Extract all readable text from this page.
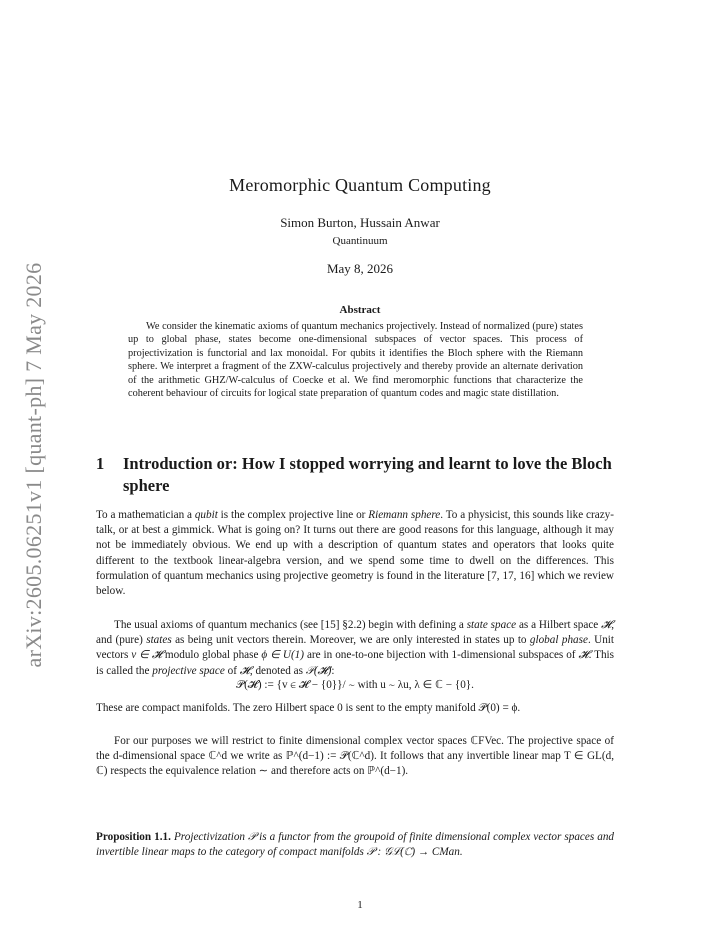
arXiv:2605.06251v1 [quant-ph] 7 May 2026
Meromorphic Quantum Computing
Simon Burton, Hussain Anwar
Quantinuum
May 8, 2026
Abstract
We consider the kinematic axioms of quantum mechanics projectively. Instead of normalized (pure) states up to global phase, states become one-dimensional subspaces of vector spaces. This process of projectivization is functorial and lax monoidal. For qubits it identifies the Bloch sphere with the Riemann sphere. We interpret a fragment of the ZXW-calculus projectively and thereby provide an alternate derivation of the arithmetic GHZ/W-calculus of Coecke et al. We find meromorphic functions that characterize the coherent behaviour of circuits for logical state preparation of quantum codes and magic state distillation.
1 Introduction or: How I stopped worrying and learnt to love the Bloch sphere
To a mathematician a qubit is the complex projective line or Riemann sphere. To a physicist, this sounds like crazy-talk, or at best a gimmick. What is going on? It turns out there are good reasons for this language, although it may not be immediately obvious. We end up with a description of quantum states and operators that looks quite different to the textbook linear-algebra version, and we spend some time to dwell on the differences. This formulation of quantum mechanics using projective geometry is found in the literature [7, 17, 16] which we review below.
The usual axioms of quantum mechanics (see [15] §2.2) begin with defining a state space as a Hilbert space 𝓗, and (pure) states as being unit vectors therein. Moreover, we are only interested in states up to global phase. Unit vectors v ∈ 𝓗 modulo global phase ϕ ∈ U(1) are in one-to-one bijection with 1-dimensional subspaces of 𝓗. This is called the projective space of 𝓗, denoted as 𝒫(𝓗):
𝒫(𝓗) := {v ∈ 𝓗 − {0}}/ ∼ with u ∼ λu, λ ∈ ℂ − {0}.
These are compact manifolds. The zero Hilbert space 0 is sent to the empty manifold 𝒫(0) = ϕ.
For our purposes we will restrict to finite dimensional complex vector spaces ℂFVec. The projective space of the d-dimensional space ℂ^d we write as ℙ^(d−1) := 𝒫(ℂ^d). It follows that any invertible linear map T ∈ GL(d, ℂ) respects the equivalence relation ∼ and therefore acts on ℙ^(d−1).
Proposition 1.1. Projectivization 𝒫 is a functor from the groupoid of finite dimensional complex vector spaces and invertible linear maps to the category of compact manifolds 𝒫 : 𝒢ℒ(ℂ) → CMan.
1
